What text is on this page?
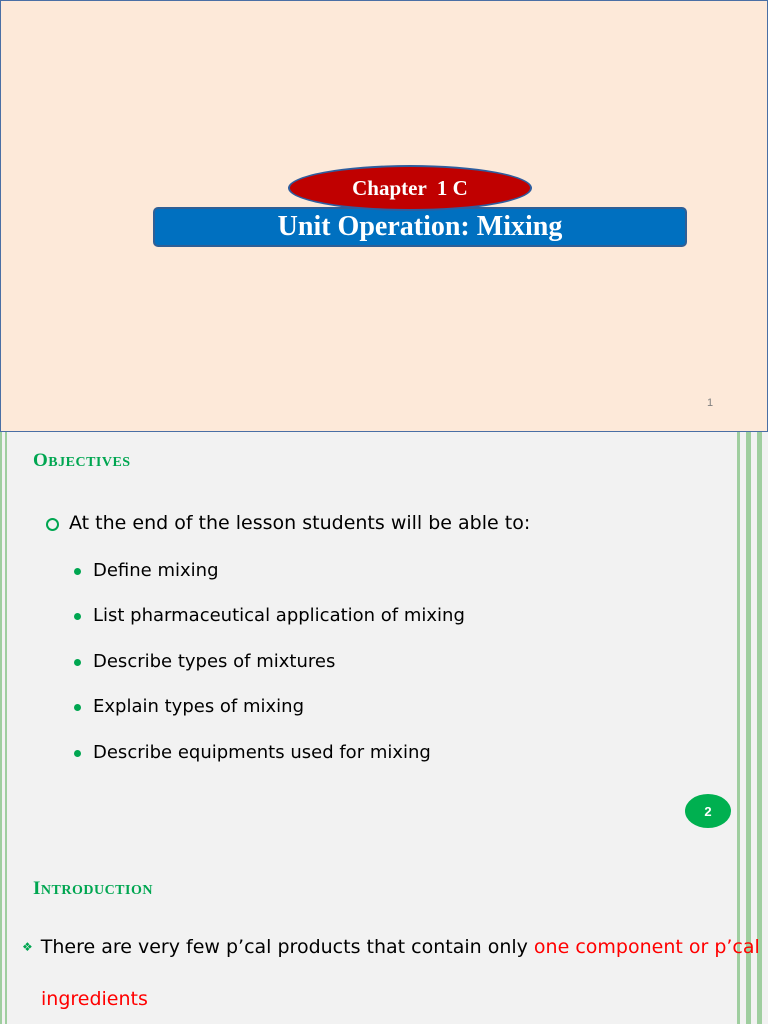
Chapter  1 C
Unit Operation: Mixing
1
OBJECTIVES
At the end of the lesson students will be able to:
Define mixing
List pharmaceutical application of mixing
Describe types of mixtures
Explain types of mixing
Describe equipments used for mixing
2
INTRODUCTION
❖ There are very few p’cal products that contain only one component or p’cal
ingredients
